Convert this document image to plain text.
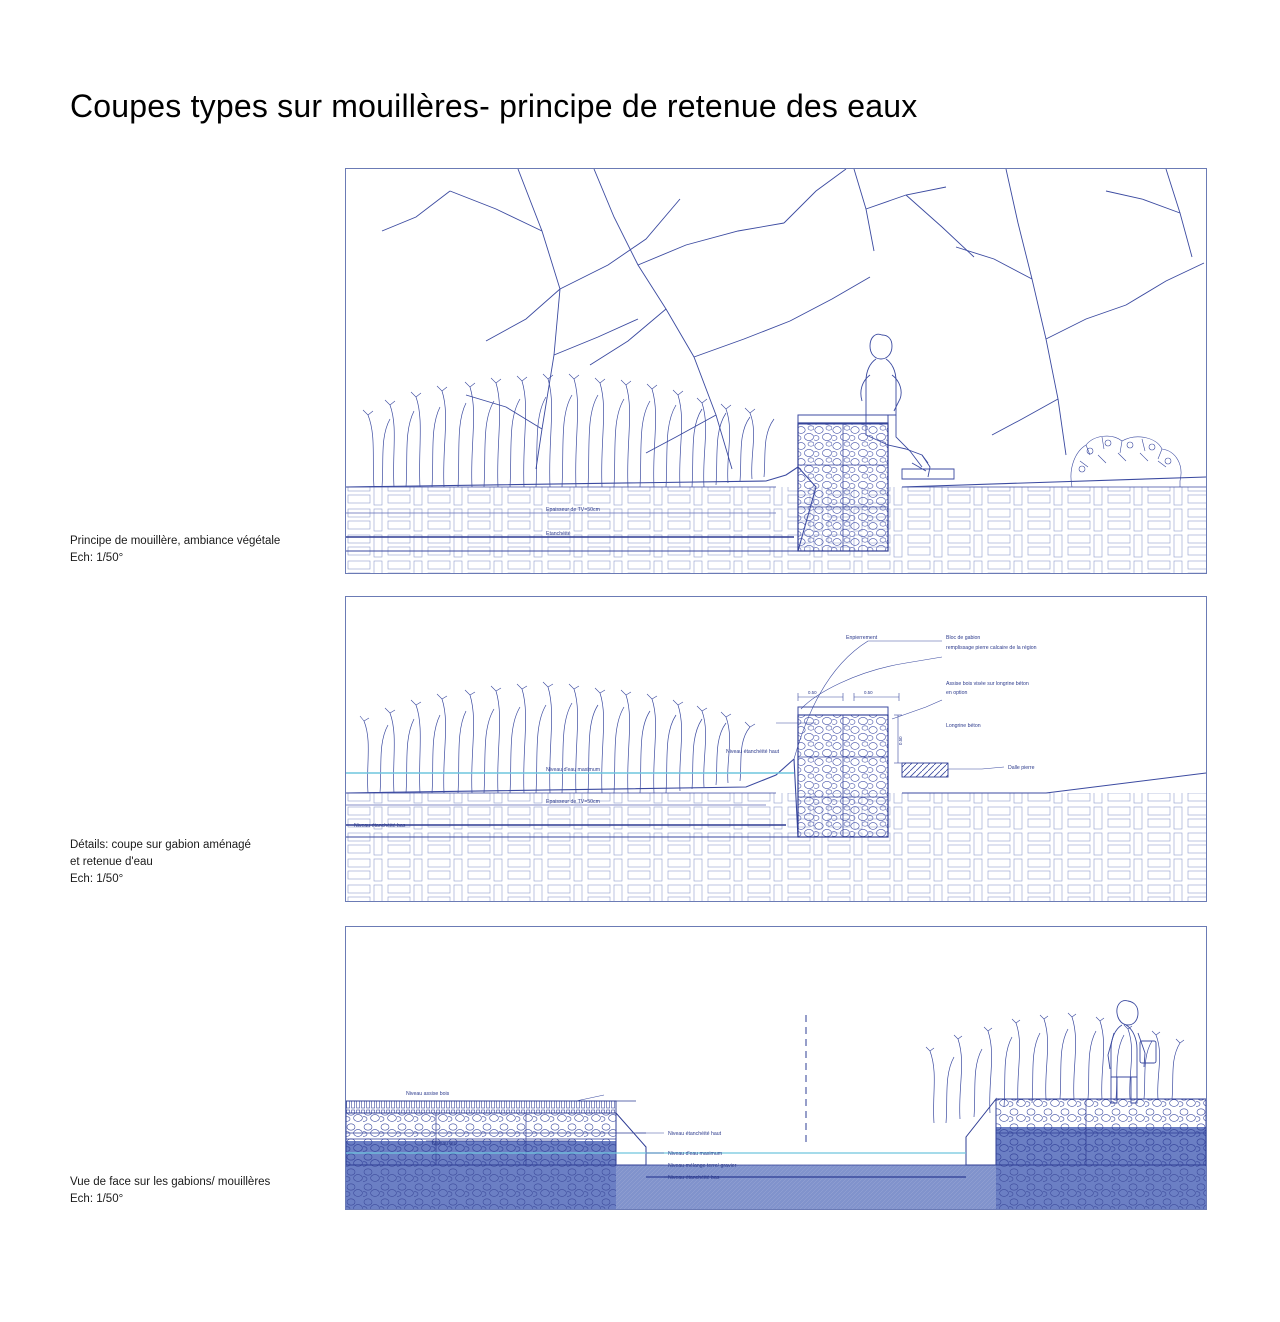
Coupes types sur mouillères- principe de retenue des eaux
Principe de mouillère, ambiance végétale
Ech: 1/50°
Détails: coupe sur gabion aménagé
et retenue d'eau
Ech: 1/50°
Vue de face sur les gabions/ mouillères
Ech: 1/50°
Epaisseur de TV=50cm
Etanchéité
0.50	0.50
0.50
Enpierrement	Bloc de gabion
remplissage pierre calcaire de la région
Assise bois visée sur longrine béton
en option
Longrine béton
Dalle pierre
Niveau étanchéité haut
Niveau d'eau maximum
Epaisseur de TV=50cm
Niveau étanchéité bas
Niveau assise bois
Niveau étanchéité haut
Niveau d'eau maximum
Niveau mélange terre/ gravier
Niveau étanchéité bas
Niveau jeu
